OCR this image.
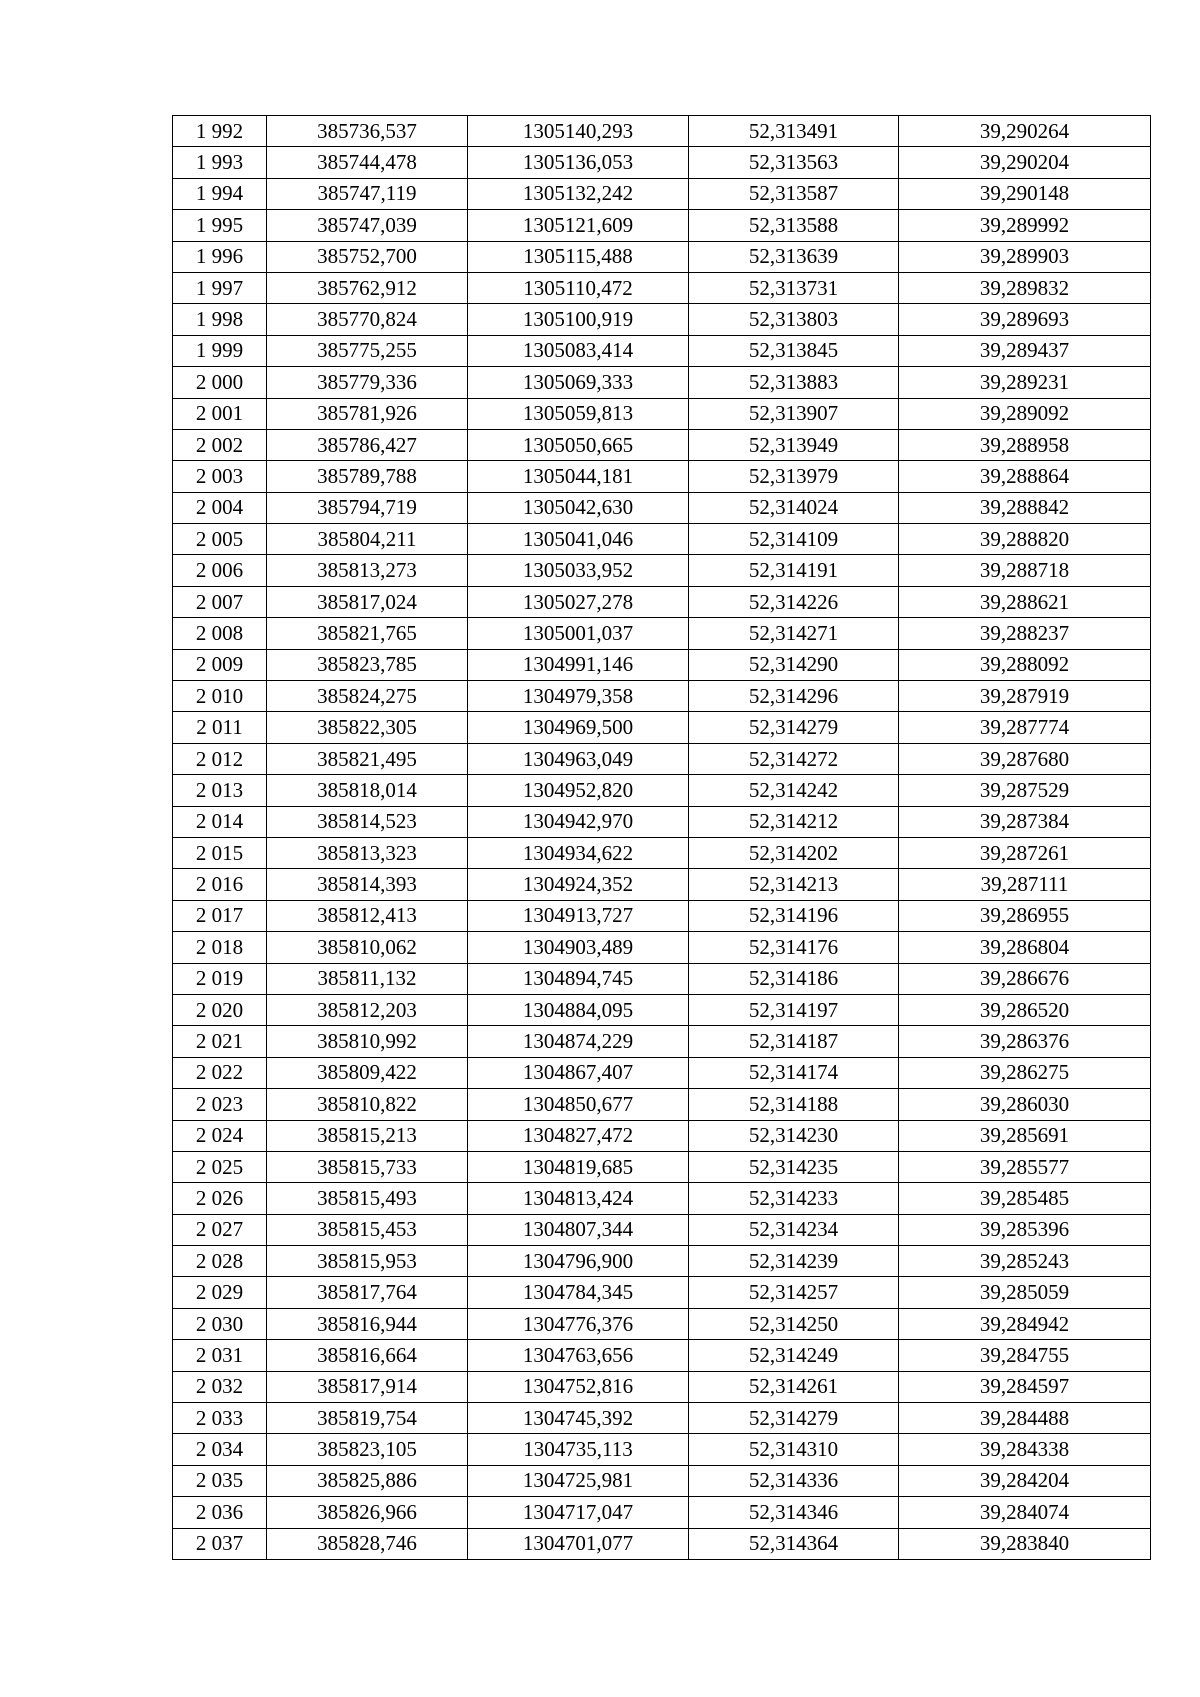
1 992	385736,537	1305140,293	52,313491	39,290264
1 993	385744,478	1305136,053	52,313563	39,290204
1 994	385747,119	1305132,242	52,313587	39,290148
1 995	385747,039	1305121,609	52,313588	39,289992
1 996	385752,700	1305115,488	52,313639	39,289903
1 997	385762,912	1305110,472	52,313731	39,289832
1 998	385770,824	1305100,919	52,313803	39,289693
1 999	385775,255	1305083,414	52,313845	39,289437
2 000	385779,336	1305069,333	52,313883	39,289231
2 001	385781,926	1305059,813	52,313907	39,289092
2 002	385786,427	1305050,665	52,313949	39,288958
2 003	385789,788	1305044,181	52,313979	39,288864
2 004	385794,719	1305042,630	52,314024	39,288842
2 005	385804,211	1305041,046	52,314109	39,288820
2 006	385813,273	1305033,952	52,314191	39,288718
2 007	385817,024	1305027,278	52,314226	39,288621
2 008	385821,765	1305001,037	52,314271	39,288237
2 009	385823,785	1304991,146	52,314290	39,288092
2 010	385824,275	1304979,358	52,314296	39,287919
2 011	385822,305	1304969,500	52,314279	39,287774
2 012	385821,495	1304963,049	52,314272	39,287680
2 013	385818,014	1304952,820	52,314242	39,287529
2 014	385814,523	1304942,970	52,314212	39,287384
2 015	385813,323	1304934,622	52,314202	39,287261
2 016	385814,393	1304924,352	52,314213	39,287111
2 017	385812,413	1304913,727	52,314196	39,286955
2 018	385810,062	1304903,489	52,314176	39,286804
2 019	385811,132	1304894,745	52,314186	39,286676
2 020	385812,203	1304884,095	52,314197	39,286520
2 021	385810,992	1304874,229	52,314187	39,286376
2 022	385809,422	1304867,407	52,314174	39,286275
2 023	385810,822	1304850,677	52,314188	39,286030
2 024	385815,213	1304827,472	52,314230	39,285691
2 025	385815,733	1304819,685	52,314235	39,285577
2 026	385815,493	1304813,424	52,314233	39,285485
2 027	385815,453	1304807,344	52,314234	39,285396
2 028	385815,953	1304796,900	52,314239	39,285243
2 029	385817,764	1304784,345	52,314257	39,285059
2 030	385816,944	1304776,376	52,314250	39,284942
2 031	385816,664	1304763,656	52,314249	39,284755
2 032	385817,914	1304752,816	52,314261	39,284597
2 033	385819,754	1304745,392	52,314279	39,284488
2 034	385823,105	1304735,113	52,314310	39,284338
2 035	385825,886	1304725,981	52,314336	39,284204
2 036	385826,966	1304717,047	52,314346	39,284074
2 037	385828,746	1304701,077	52,314364	39,283840
